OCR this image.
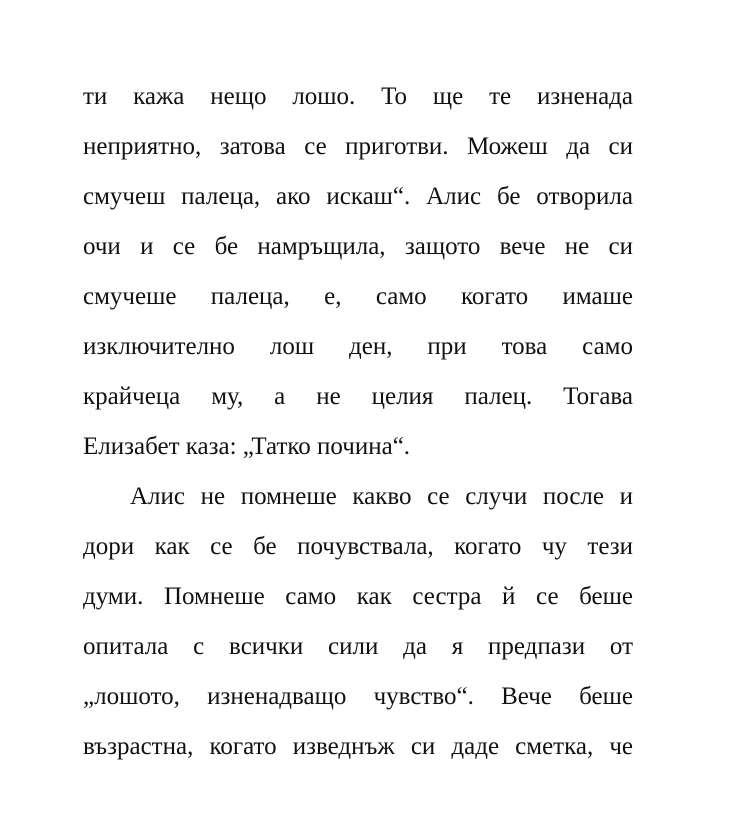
ти кажа нещо лошо. То ще те изненада
неприятно, затова се приготви. Можеш да си
смучеш палеца, ако искаш“. Алис бе отворила
очи и се бе намръщила, защото вече не си
смучеше палеца, е, само когато имаше
изключително лош ден, при това само
крайчеца му, а не целия палец. Тогава
Елизабет каза: „Татко почина“.
Алис не помнеше какво се случи после и
дори как се бе почувствала, когато чу тези
думи. Помнеше само как сестра й се беше
опитала с всички сили да я предпази от
„лошото, изненадващо чувство“. Вече беше
възрастна, когато изведнъж си даде сметка, че
